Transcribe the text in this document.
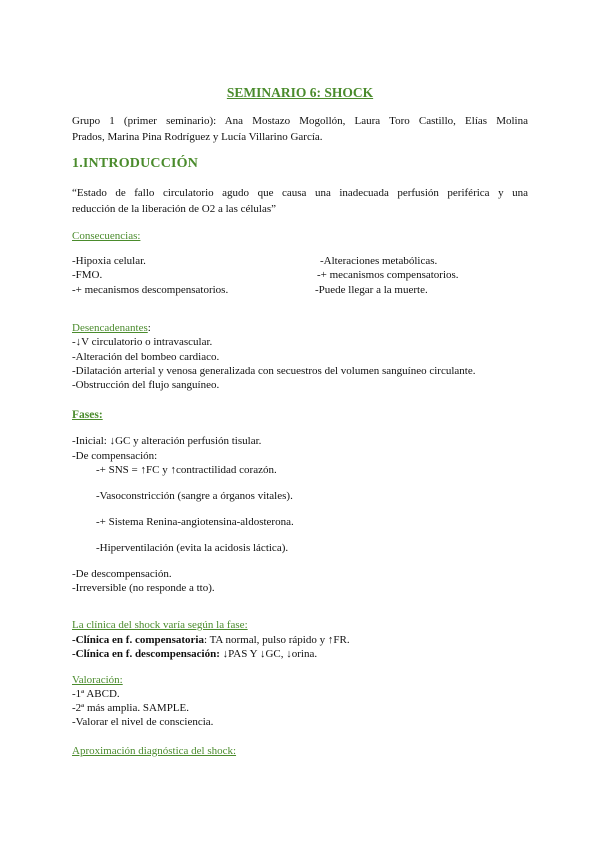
SEMINARIO 6: SHOCK
Grupo 1 (primer seminario): Ana Mostazo Mogollón, Laura Toro Castillo, Elías Molina
Prados, Marina Pina Rodríguez y Lucía Villarino García.
1.INTRODUCCIÓN
“Estado de fallo circulatorio agudo que causa una inadecuada perfusión periférica y una
reducción de la liberación de O2 a las células”
Consecuencias:
-Hipoxia celular.
-FMO.
-+ mecanismos descompensatorios.
-Alteraciones metabólicas.
-+ mecanismos compensatorios.
-Puede llegar a la muerte.
Desencadenantes:
-↓V circulatorio o intravascular.
-Alteración del bombeo cardiaco.
-Dilatación arterial y venosa generalizada con secuestros del volumen sanguíneo circulante.
-Obstrucción del flujo sanguíneo.
Fases:
-Inicial: ↓GC y alteración perfusión tisular.
-De compensación:
-+ SNS = ↑FC y ↑contractilidad corazón.
-Vasoconstricción (sangre a órganos vitales).
-+ Sistema Renina-angiotensina-aldosterona.
-Hiperventilación (evita la acidosis láctica).
-De descompensación.
-Irreversible (no responde a tto).
La clínica del shock varía según la fase:
-Clínica en f. compensatoria: TA normal, pulso rápido y ↑FR.
-Clínica en f. descompensación: ↓PAS Y ↓GC, ↓orina.
Valoración:
-1ª ABCD.
-2ª más amplia. SAMPLE.
-Valorar el nivel de consciencia.
Aproximación diagnóstica del shock:
